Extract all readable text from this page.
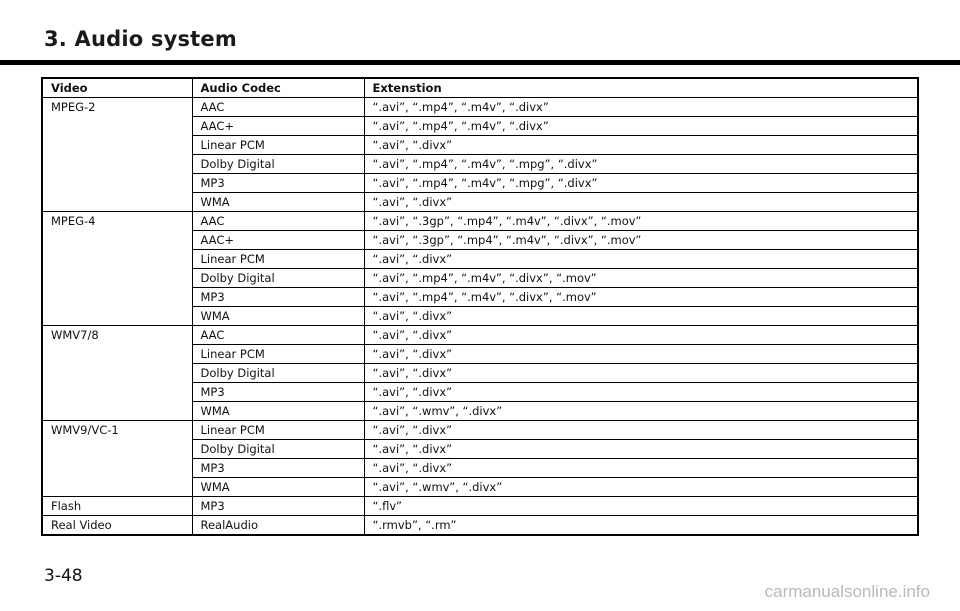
3. Audio system
Video	Audio Codec	Extenstion
MPEG-2	AAC	“.avi”, “.mp4”, “.m4v”, “.divx”
	AAC+	“.avi”, “.mp4”, “.m4v”, “.divx”
	Linear PCM	“.avi”, “.divx”
	Dolby Digital	“.avi”, “.mp4”, “.m4v”, “.mpg”, “.divx”
	MP3	“.avi”, “.mp4”, “.m4v”, “.mpg”, “.divx”
	WMA	“.avi”, “.divx”
MPEG-4	AAC	“.avi”, “.3gp”, “.mp4”, “.m4v”, “.divx”, “.mov”
	AAC+	“.avi”, “.3gp”, “.mp4”, “.m4v”, “.divx”, “.mov”
	Linear PCM	“.avi”, “.divx”
	Dolby Digital	“.avi”, “.mp4”, “.m4v”, “.divx”, “.mov”
	MP3	“.avi”, “.mp4”, “.m4v”, “.divx”, “.mov”
	WMA	“.avi”, “.divx”
WMV7/8	AAC	“.avi”, “.divx”
	Linear PCM	“.avi”, “.divx”
	Dolby Digital	“.avi”, “.divx”
	MP3	“.avi”, “.divx”
	WMA	“.avi”, “.wmv”, “.divx”
WMV9/VC-1	Linear PCM	“.avi”, “.divx”
	Dolby Digital	“.avi”, “.divx”
	MP3	“.avi”, “.divx”
	WMA	“.avi”, “.wmv”, “.divx”
Flash	MP3	“.flv”
Real Video	RealAudio	“.rmvb”, “.rm”
3-48
carmanualsonline.info
